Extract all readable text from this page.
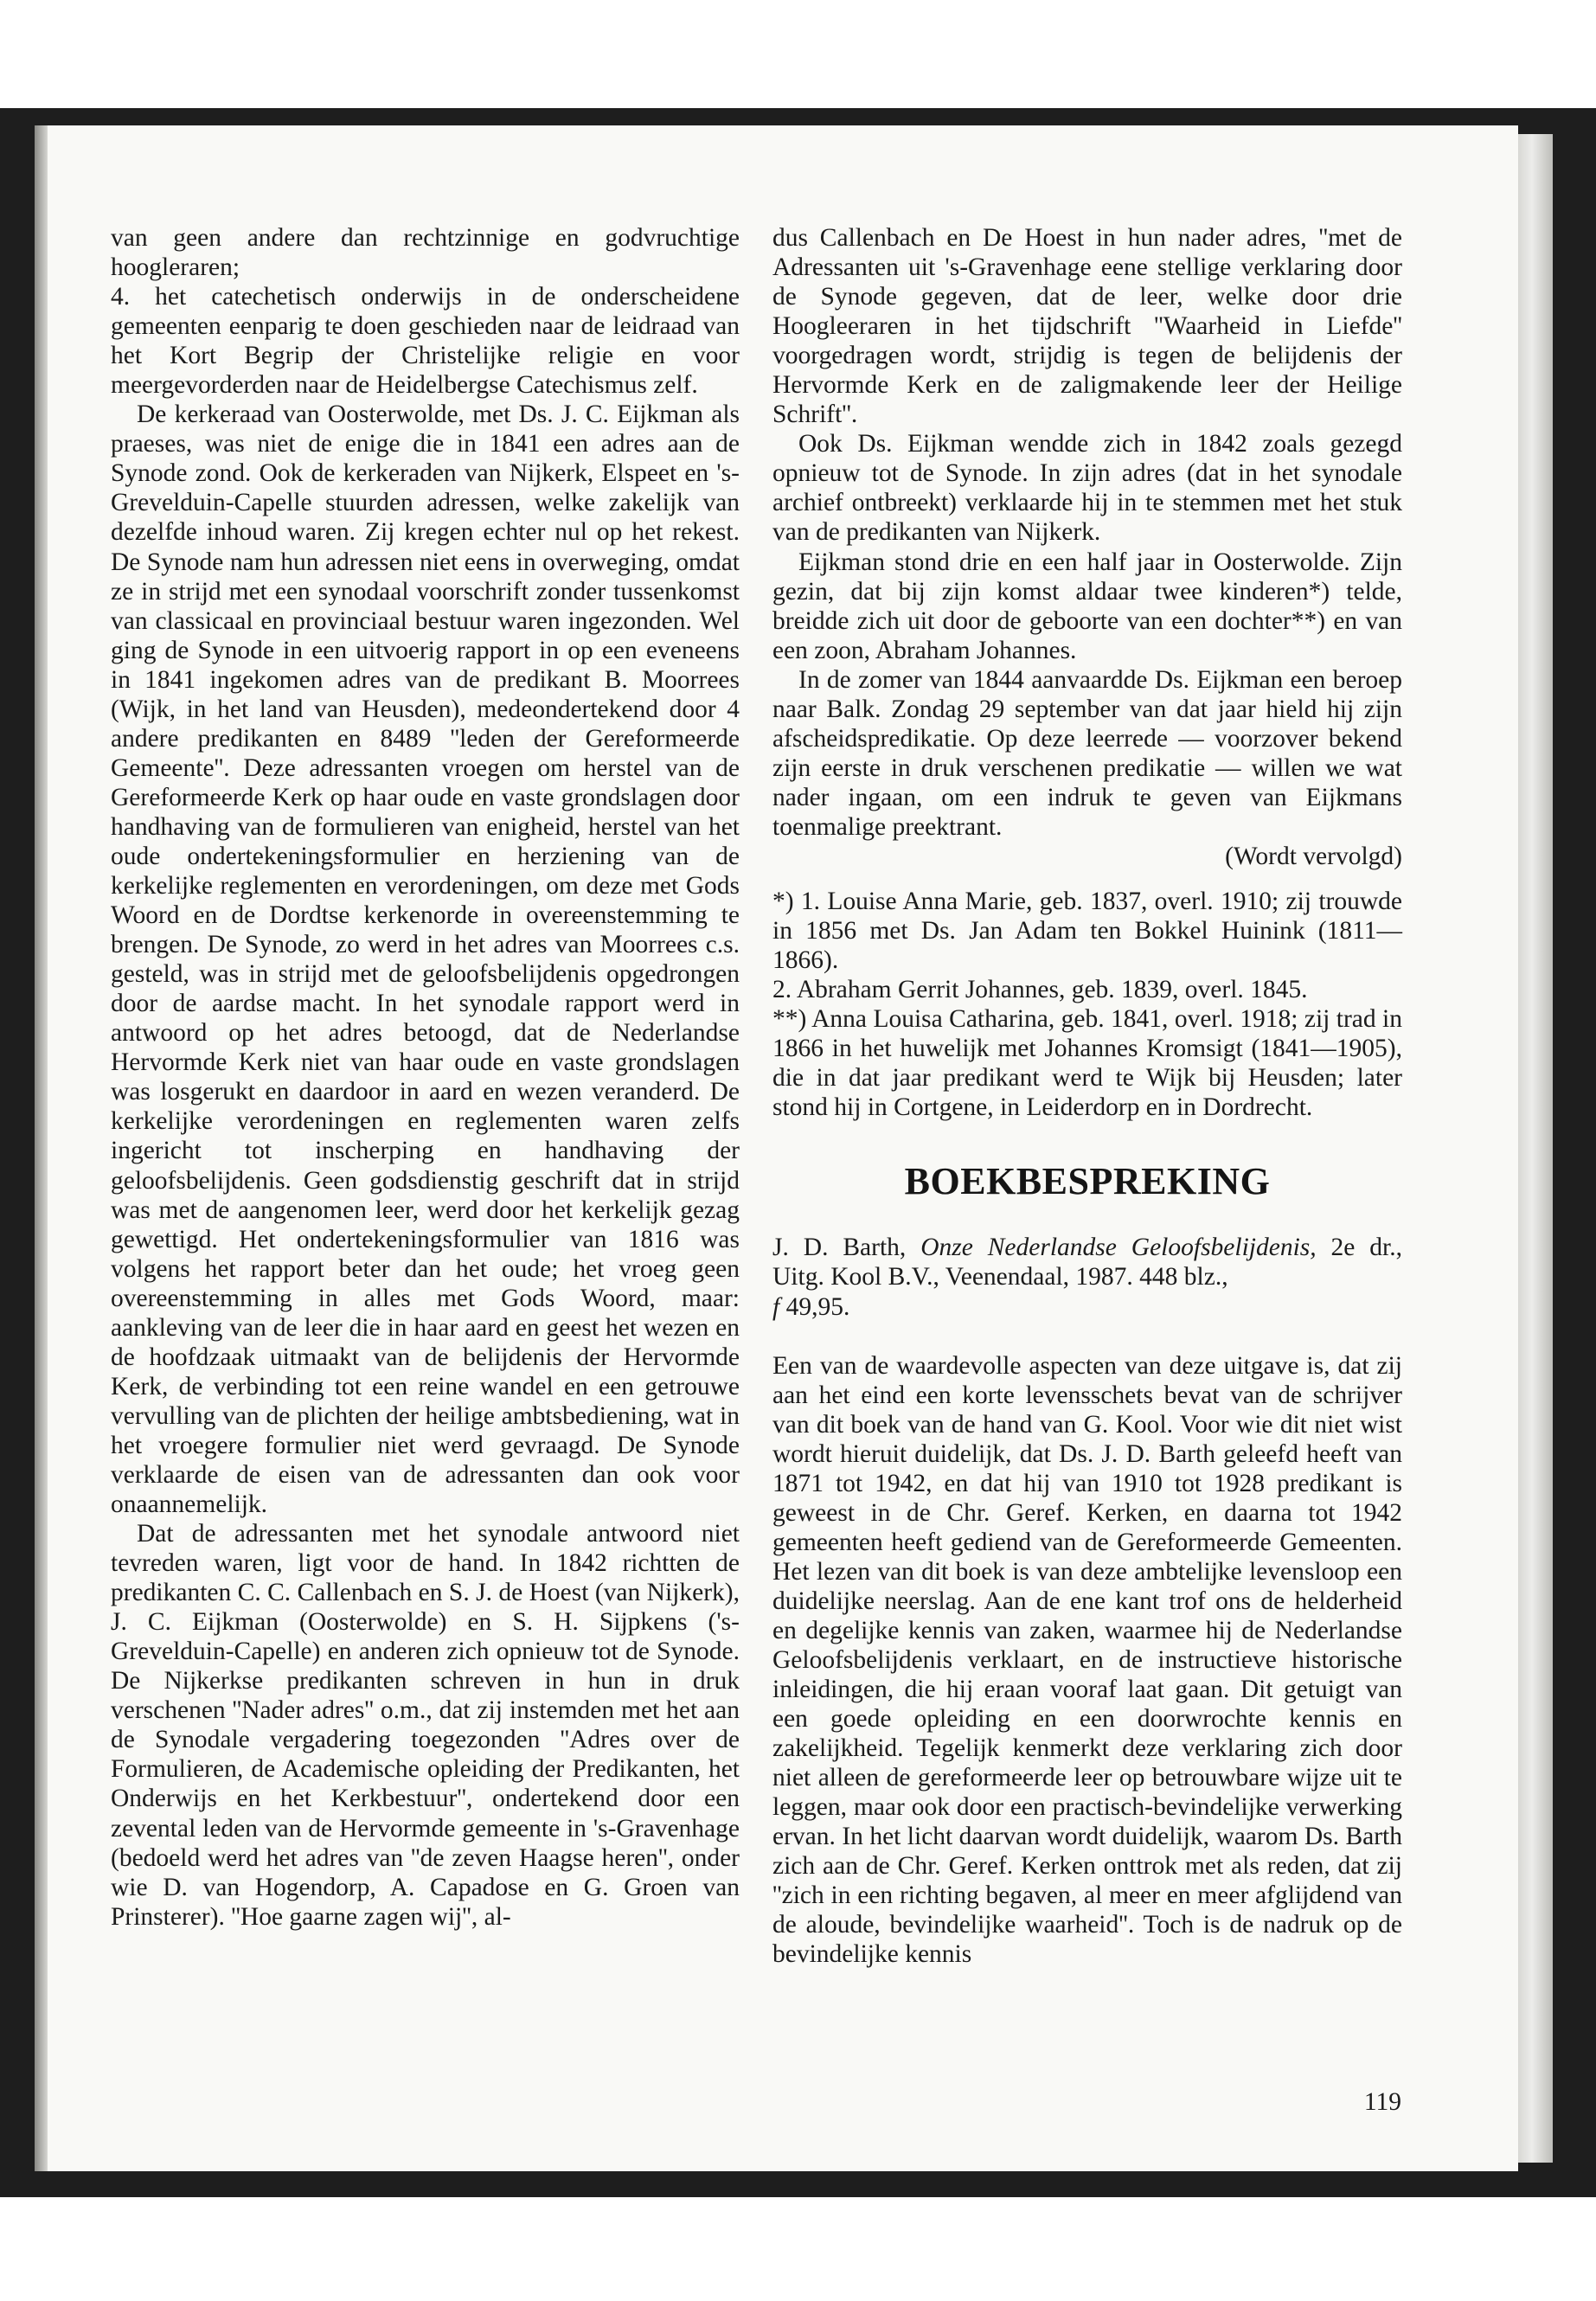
van geen andere dan rechtzinnige en godvruchtige hoogleraren;

4. het catechetisch onderwijs in de onderscheidene gemeenten eenparig te doen geschieden naar de leidraad van het Kort Begrip der Christelijke religie en voor meergevorderden naar de Heidelbergse Catechismus zelf.

De kerkeraad van Oosterwolde, met Ds. J. C. Eijkman als praeses, was niet de enige die in 1841 een adres aan de Synode zond. Ook de kerkeraden van Nijkerk, Elspeet en 's-Grevelduin-Capelle stuurden adressen, welke zakelijk van dezelfde inhoud waren. Zij kregen echter nul op het rekest. De Synode nam hun adressen niet eens in overweging, omdat ze in strijd met een synodaal voorschrift zonder tussenkomst van classicaal en provinciaal bestuur waren ingezonden. Wel ging de Synode in een uitvoerig rapport in op een eveneens in 1841 ingekomen adres van de predikant B. Moorrees (Wijk, in het land van Heusden), medeondertekend door 4 andere predikanten en 8489 ''leden der Gereformeerde Gemeente''. Deze adressanten vroegen om herstel van de Gereformeerde Kerk op haar oude en vaste grondslagen door handhaving van de formulieren van enigheid, herstel van het oude ondertekeningsformulier en herziening van de kerkelijke reglementen en verordeningen, om deze met Gods Woord en de Dordtse kerkenorde in overeenstemming te brengen. De Synode, zo werd in het adres van Moorrees c.s. gesteld, was in strijd met de geloofsbelijdenis opgedrongen door de aardse macht. In het synodale rapport werd in antwoord op het adres betoogd, dat de Nederlandse Hervormde Kerk niet van haar oude en vaste grondslagen was losgerukt en daardoor in aard en wezen veranderd. De kerkelijke verordeningen en reglementen waren zelfs ingericht tot inscherping en handhaving der geloofsbelijdenis. Geen godsdienstig geschrift dat in strijd was met de aangenomen leer, werd door het kerkelijk gezag gewettigd. Het ondertekeningsformulier van 1816 was volgens het rapport beter dan het oude; het vroeg geen overeenstemming in alles met Gods Woord, maar: aankleving van de leer die in haar aard en geest het wezen en de hoofdzaak uitmaakt van de belijdenis der Hervormde Kerk, de verbinding tot een reine wandel en een getrouwe vervulling van de plichten der heilige ambtsbediening, wat in het vroegere formulier niet werd gevraagd. De Synode verklaarde de eisen van de adressanten dan ook voor onaannemelijk.

Dat de adressanten met het synodale antwoord niet tevreden waren, ligt voor de hand. In 1842 richtten de predikanten C. C. Callenbach en S. J. de Hoest (van Nijkerk), J. C. Eijkman (Oosterwolde) en S. H. Sijpkens ('s-Grevelduin-Capelle) en anderen zich opnieuw tot de Synode. De Nijkerkse predikanten schreven in hun in druk verschenen ''Nader adres'' o.m., dat zij instemden met het aan de Synodale vergadering toegezonden ''Adres over de Formulieren, de Academische opleiding der Predikanten, het Onderwijs en het Kerkbestuur'', ondertekend door een zevental leden van de Hervormde gemeente in 's-Gravenhage (bedoeld werd het adres van ''de zeven Haagse heren'', onder wie D. van Hogendorp, A. Capadose en G. Groen van Prinsterer). ''Hoe gaarne zagen wij'', al-

dus Callenbach en De Hoest in hun nader adres, ''met de Adressanten uit 's-Gravenhage eene stellige verklaring door de Synode gegeven, dat de leer, welke door drie Hoogleeraren in het tijdschrift ''Waarheid in Liefde'' voorgedragen wordt, strijdig is tegen de belijdenis der Hervormde Kerk en de zaligmakende leer der Heilige Schrift''.

Ook Ds. Eijkman wendde zich in 1842 zoals gezegd opnieuw tot de Synode. In zijn adres (dat in het synodale archief ontbreekt) verklaarde hij in te stemmen met het stuk van de predikanten van Nijkerk.

Eijkman stond drie en een half jaar in Oosterwolde. Zijn gezin, dat bij zijn komst aldaar twee kinderen*) telde, breidde zich uit door de geboorte van een dochter**) en van een zoon, Abraham Johannes.

In de zomer van 1844 aanvaardde Ds. Eijkman een beroep naar Balk. Zondag 29 september van dat jaar hield hij zijn afscheidspredikatie. Op deze leerrede — voorzover bekend zijn eerste in druk verschenen predikatie — willen we wat nader ingaan, om een indruk te geven van Eijkmans toenmalige preektrant.

(Wordt vervolgd)

*) 1. Louise Anna Marie, geb. 1837, overl. 1910; zij trouwde in 1856 met Ds. Jan Adam ten Bokkel Huinink (1811—1866).

2. Abraham Gerrit Johannes, geb. 1839, overl. 1845.

**) Anna Louisa Catharina, geb. 1841, overl. 1918; zij trad in 1866 in het huwelijk met Johannes Kromsigt (1841—1905), die in dat jaar predikant werd te Wijk bij Heusden; later stond hij in Cortgene, in Leiderdorp en in Dordrecht.

BOEKBESPREKING

J. D. Barth, Onze Nederlandse Geloofsbelijdenis, 2e dr., Uitg. Kool B.V., Veenendaal, 1987. 448 blz.,
f 49,95.

Een van de waardevolle aspecten van deze uitgave is, dat zij aan het eind een korte levensschets bevat van de schrijver van dit boek van de hand van G. Kool. Voor wie dit niet wist wordt hieruit duidelijk, dat Ds. J. D. Barth geleefd heeft van 1871 tot 1942, en dat hij van 1910 tot 1928 predikant is geweest in de Chr. Geref. Kerken, en daarna tot 1942 gemeenten heeft gediend van de Gereformeerde Gemeenten. Het lezen van dit boek is van deze ambtelijke levensloop een duidelijke neerslag. Aan de ene kant trof ons de helderheid en degelijke kennis van zaken, waarmee hij de Nederlandse Geloofsbelijdenis verklaart, en de instructieve historische inleidingen, die hij eraan vooraf laat gaan. Dit getuigt van een goede opleiding en een doorwrochte kennis en zakelijkheid. Tegelijk kenmerkt deze verklaring zich door niet alleen de gereformeerde leer op betrouwbare wijze uit te leggen, maar ook door een practisch-bevindelijke verwerking ervan. In het licht daarvan wordt duidelijk, waarom Ds. Barth zich aan de Chr. Geref. Kerken onttrok met als reden, dat zij ''zich in een richting begaven, al meer en meer afglijdend van de aloude, bevindelijke waarheid''. Toch is de nadruk op de bevindelijke kennis

119
